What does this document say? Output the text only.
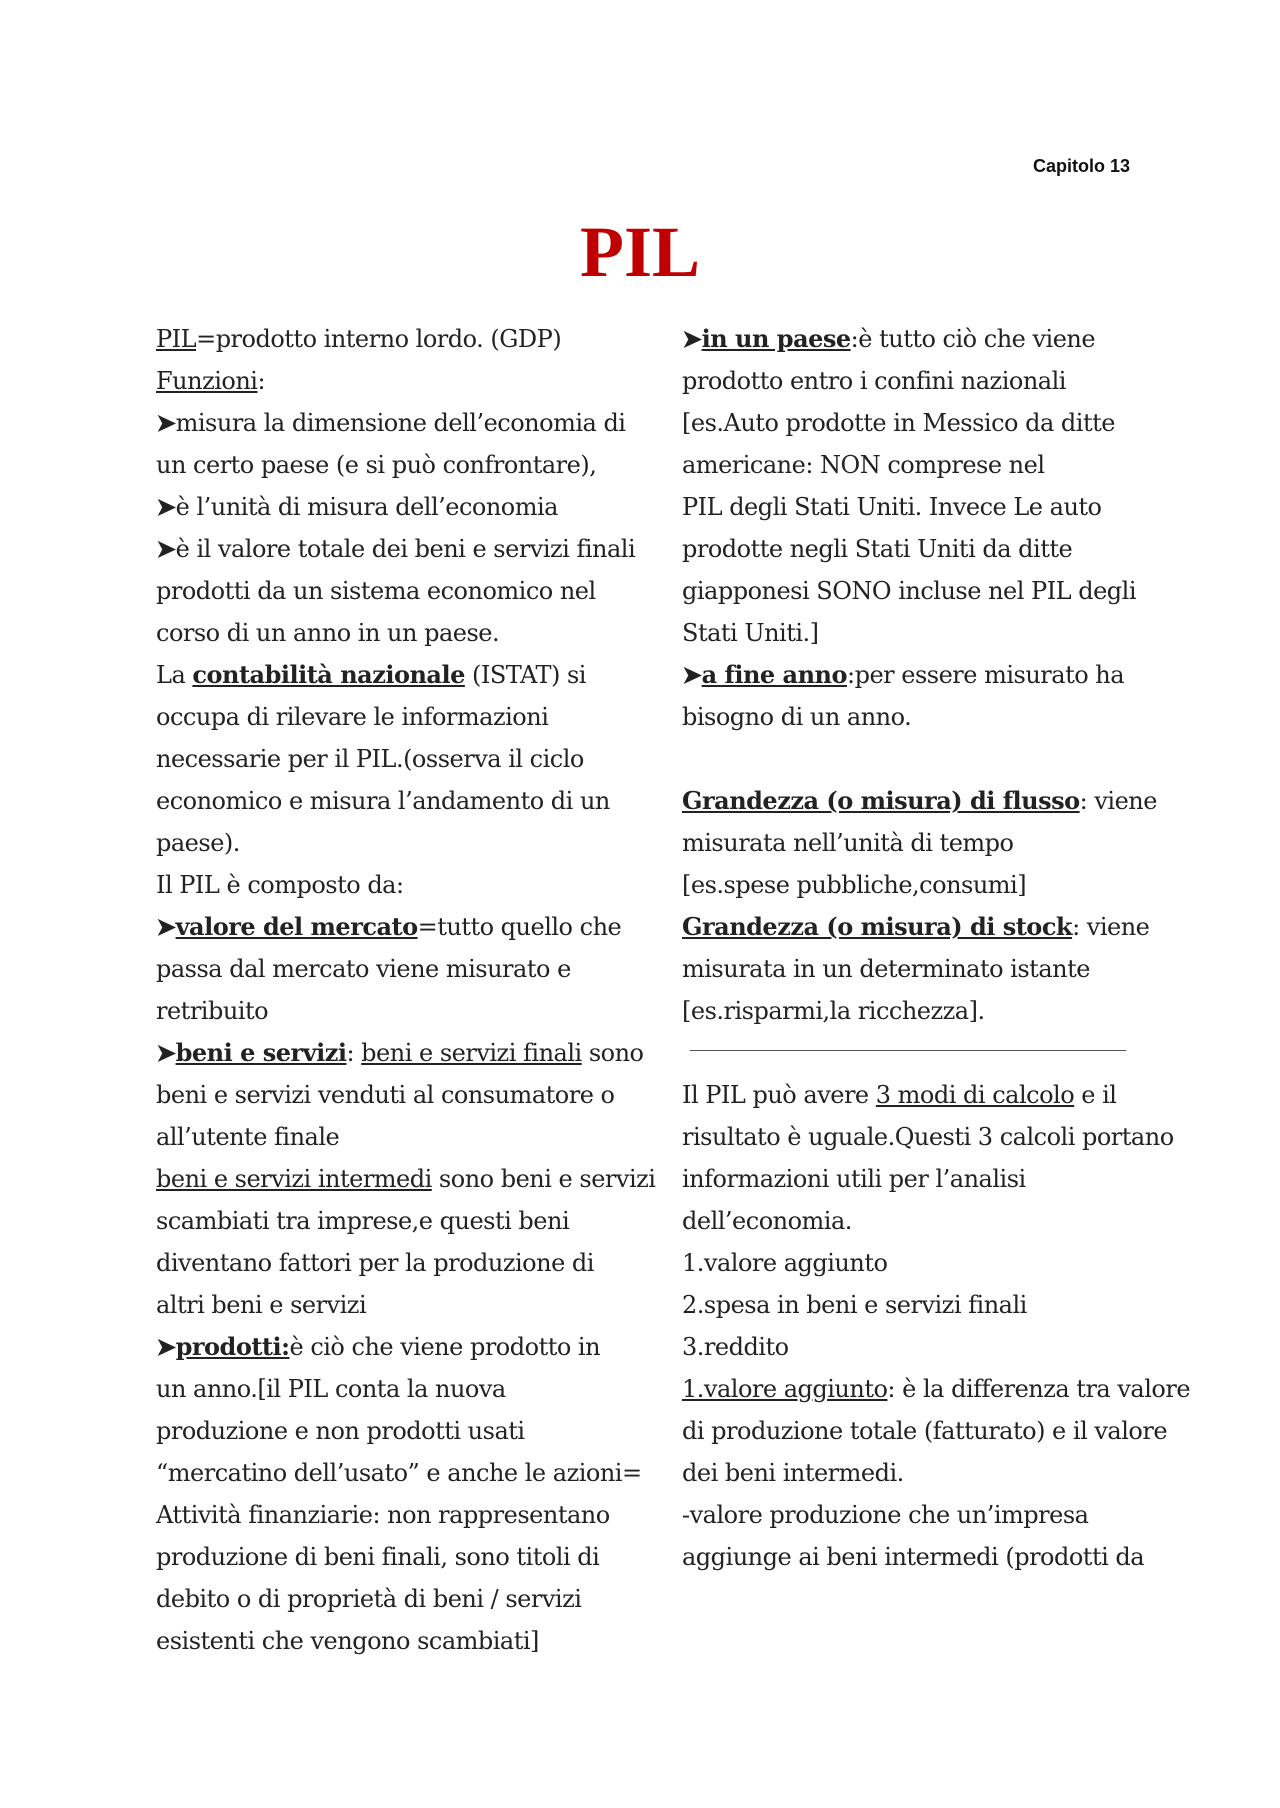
Capitolo 13
PIL
PIL=prodotto interno lordo. (GDP)
Funzioni:
➤misura la dimensione dell’economia di
un certo paese (e si può confrontare),
➤è l’unità di misura dell’economia
➤è il valore totale dei beni e servizi finali
prodotti da un sistema economico nel
corso di un anno in un paese.
La contabilità nazionale (ISTAT) si
occupa di rilevare le informazioni
necessarie per il PIL.(osserva il ciclo
economico e misura l’andamento di un
paese).
Il PIL è composto da:
➤valore del mercato=tutto quello che
passa dal mercato viene misurato e
retribuito
➤beni e servizi: beni e servizi finali sono
beni e servizi venduti al consumatore o
all’utente finale
beni e servizi intermedi sono beni e servizi
scambiati tra imprese,e questi beni
diventano fattori per la produzione di
altri beni e servizi
➤prodotti:è ciò che viene prodotto in
un anno.[il PIL conta la nuova
produzione e non prodotti usati
“mercatino dell’usato” e anche le azioni=
Attività finanziarie: non rappresentano
produzione di beni finali, sono titoli di
debito o di proprietà di beni / servizi
esistenti che vengono scambiati]
➤in un paese:è tutto ciò che viene
prodotto entro i confini nazionali
[es.Auto prodotte in Messico da ditte
americane: NON comprese nel
PIL degli Stati Uniti. Invece Le auto
prodotte negli Stati Uniti da ditte
giapponesi SONO incluse nel PIL degli
Stati Uniti.]
➤a fine anno:per essere misurato ha
bisogno di un anno.
Grandezza (o misura) di flusso: viene
misurata nell’unità di tempo
[es.spese pubbliche,consumi]
Grandezza (o misura) di stock: viene
misurata in un determinato istante
[es.risparmi,la ricchezza].
Il PIL può avere 3 modi di calcolo e il
risultato è uguale.Questi 3 calcoli portano
informazioni utili per l’analisi
dell’economia.
1.valore aggiunto
2.spesa in beni e servizi finali
3.reddito
1.valore aggiunto: è la differenza tra valore
di produzione totale (fatturato) e il valore
dei beni intermedi.
-valore produzione che un’impresa
aggiunge ai beni intermedi (prodotti da
